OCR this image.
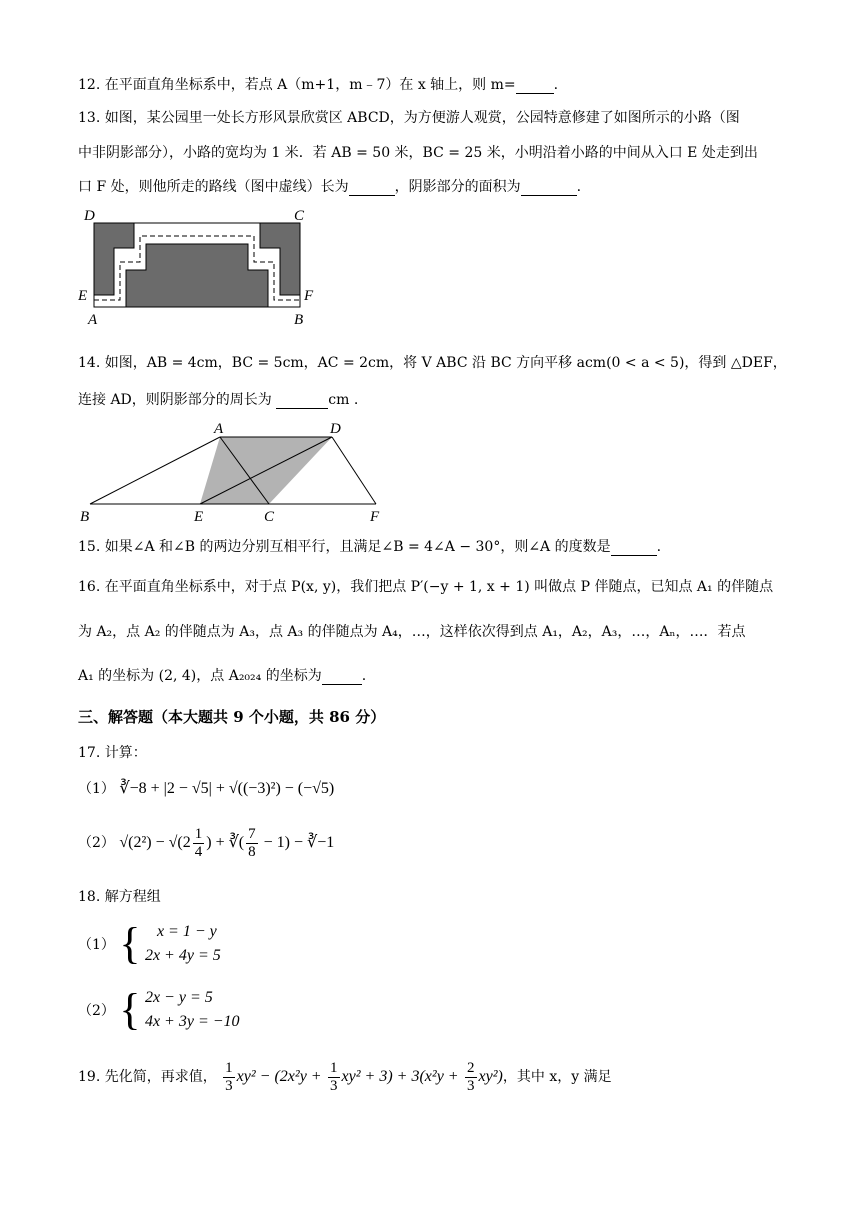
12. 在平面直角坐标系中，若点 A（m+1，m﹣7）在 x 轴上，则 m=	.
13. 如图，某公园里一处长方形风景欣赏区 ABCD，为方便游人观赏，公园特意修建了如图所示的小路（图
中非阴影部分），小路的宽均为 1 米．若 AB = 50 米，BC = 25 米，小明沿着小路的中间从入口 E 处走到出
口 F 处，则他所走的路线（图中虚线）长为	，阴影部分的面积为	.
D	C
E	F
A	B
14. 如图，AB = 4cm，BC = 5cm，AC = 2cm，将 V ABC 沿 BC 方向平移 acm(0 < a < 5)，得到 △DEF，
连接 AD，则阴影部分的周长为	cm .
A	D
B	E	C	F
15. 如果∠A 和∠B 的两边分别互相平行，且满足∠B = 4∠A − 30°，则∠A 的度数是	.
16. 在平面直角坐标系中，对于点 P(x, y)，我们把点 P′(−y + 1, x + 1) 叫做点 P 伴随点，已知点 A₁ 的伴随点
为 A₂，点 A₂ 的伴随点为 A₃，点 A₃ 的伴随点为 A₄，…，这样依次得到点 A₁，A₂，A₃，…，Aₙ，…．若点
A₁ 的坐标为 (2, 4)，点 A₂₀₂₄ 的坐标为	.
三、解答题（本大题共 9 个小题，共 86 分）
17. 计算：
（1） ∛−8 + |2 − √5| + √((−3)²) − (−√5)
（2） $√(2^2) - √(2 \frac{1}{4}$ ) + ∛( $\frac{7}{8} - 1$) − ∛−1
18. 解方程组
（1） {	x = 1 − y
2x + 4y = 5
（2） { 2x − y = 5
4x + 3y = −10
19. 先化简，再求值， $\frac{1}{3} xy^2 - (2x^2y + \frac{1}{3} xy^2 + 3) + 3(x^2y + \frac{2}{3} xy^2)$，其中 x，y 满足
